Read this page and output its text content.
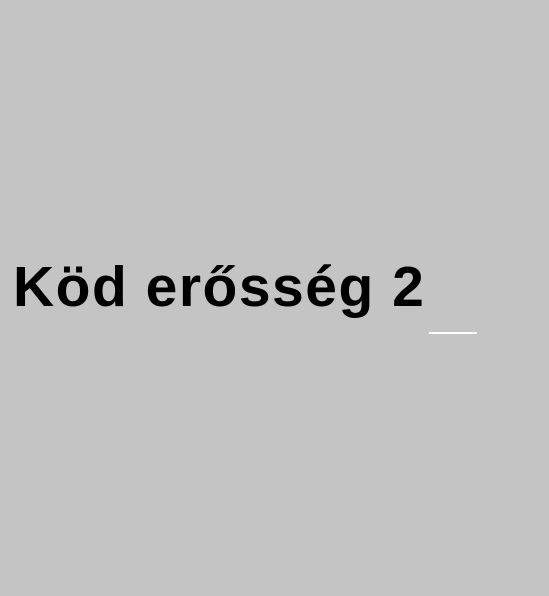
Köd erősség 2
